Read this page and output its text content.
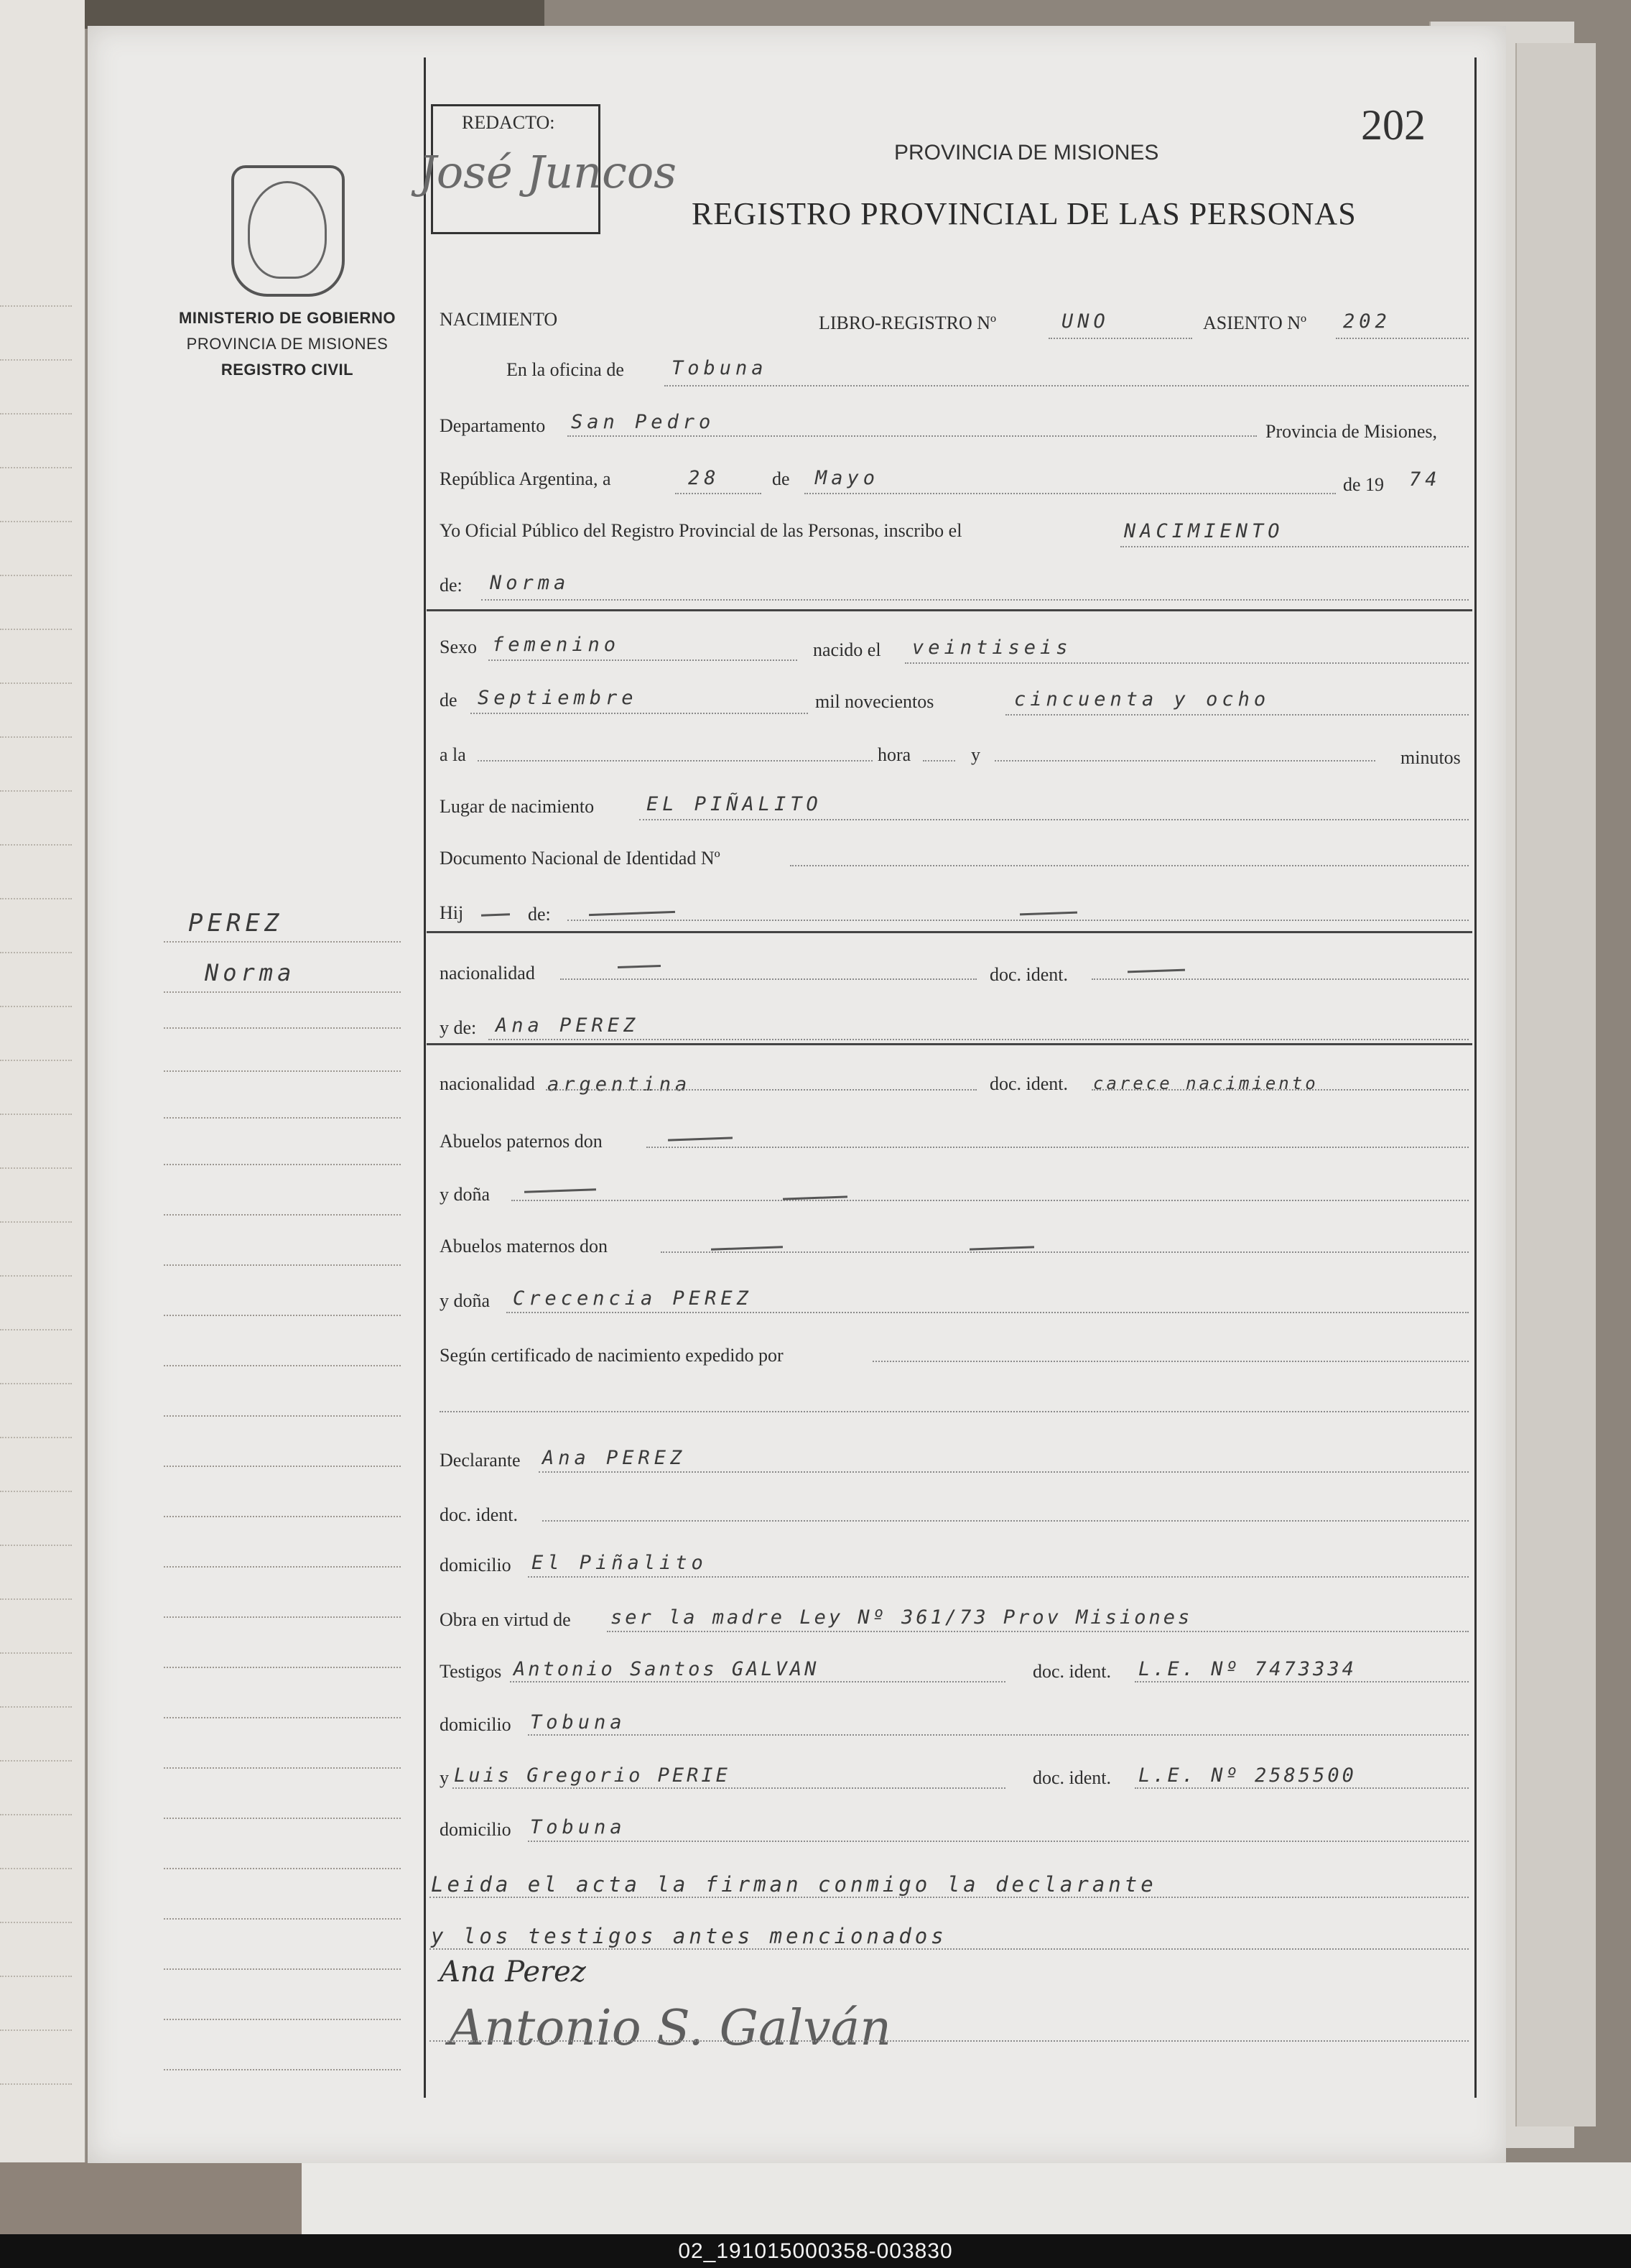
02_191015000358-003830
REDACTO:
José Juncos
202
PROVINCIA DE MISIONES
REGISTRO PROVINCIAL DE LAS PERSONAS
MINISTERIO DE GOBIERNO
PROVINCIA DE MISIONES
REGISTRO CIVIL
PEREZ
Norma
NACIMIENTO	LIBRO-REGISTRO Nº	UNO	ASIENTO Nº 202
En la oficina de Tobuna
Departamento San Pedro	Provincia de Misiones,
República Argentina, a	28	de Mayo	de 19 74
Yo Oficial Público del Registro Provincial de las Personas, inscribo el	NACIMIENTO
de: Norma
Sexo femenino	nacido el veintiseis
de Septiembre	mil novecientos	cincuenta y ocho
a la	hora	y	minutos
Lugar de nacimiento	EL PIÑALITO
Documento Nacional de Identidad Nº
Hij	de:
nacionalidad	doc. ident.
y de: Ana PEREZ
nacionalidad argentina	doc. ident. carece nacimiento
Abuelos paternos don
y doña
Abuelos maternos don
y doña Crecencia PEREZ
Según certificado de nacimiento expedido por
Declarante Ana PEREZ
doc. ident.
domicilio El Piñalito
Obra en virtud de ser la madre Ley Nº 361/73 Prov Misiones
Testigos Antonio Santos GALVAN	doc. ident. L.E. Nº 7473334
domicilio Tobuna
y Luis Gregorio PERIE	doc. ident. L.E. Nº 2585500
domicilio Tobuna
Leida el acta la firman conmigo la declarante
y los testigos antes mencionados
Ana Perez
Antonio S. Galván
